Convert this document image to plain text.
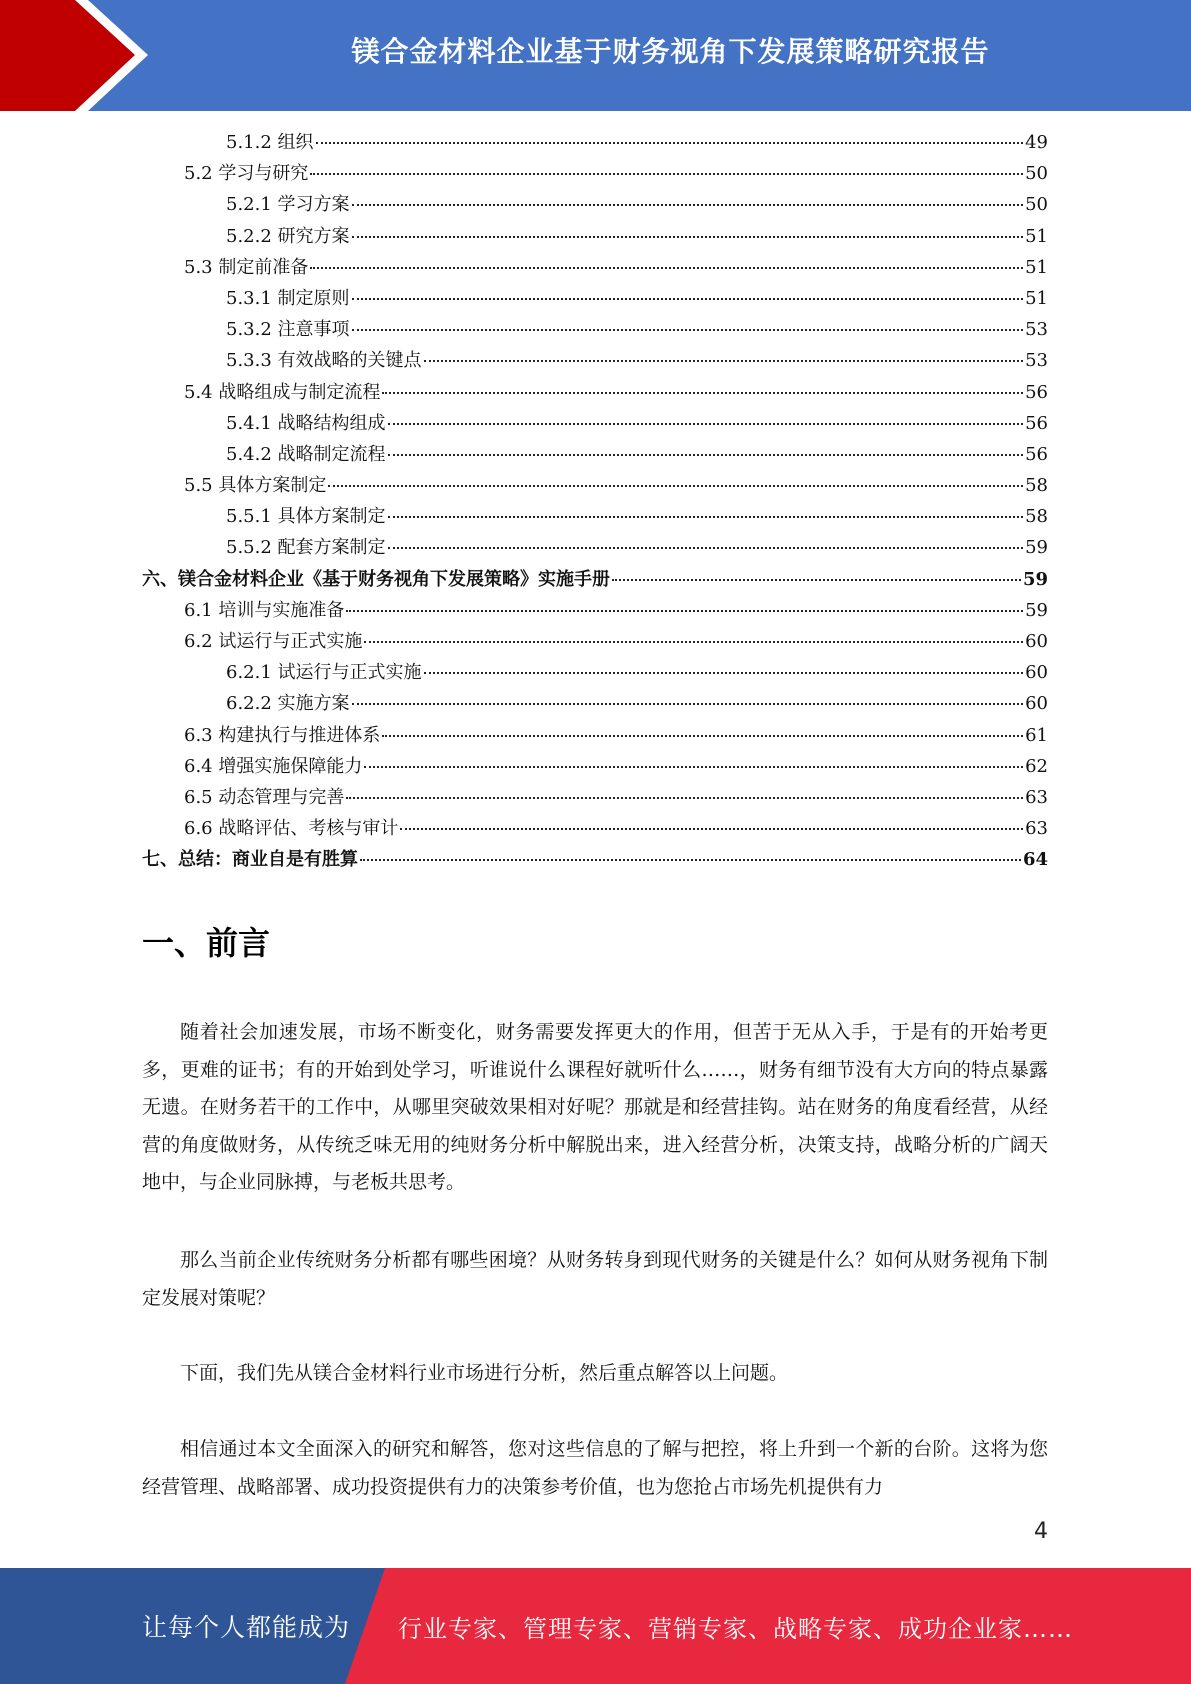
镁合金材料企业基于财务视角下发展策略研究报告
5.1.2 组织	49
5.2 学习与研究	50
5.2.1 学习方案	50
5.2.2 研究方案	51
5.3 制定前准备	51
5.3.1 制定原则	51
5.3.2 注意事项	53
5.3.3 有效战略的关键点	53
5.4 战略组成与制定流程	56
5.4.1 战略结构组成	56
5.4.2 战略制定流程	56
5.5 具体方案制定	58
5.5.1 具体方案制定	58
5.5.2 配套方案制定	59
六、镁合金材料企业《基于财务视角下发展策略》实施手册	59
6.1 培训与实施准备	59
6.2 试运行与正式实施	60
6.2.1 试运行与正式实施	60
6.2.2 实施方案	60
6.3 构建执行与推进体系	61
6.4 增强实施保障能力	62
6.5 动态管理与完善	63
6.6 战略评估、考核与审计	63
七、总结：商业自是有胜算	64
一、前言

随着社会加速发展，市场不断变化，财务需要发挥更大的作用，但苦于无从入手，于是有的开始考更多，更难的证书；有的开始到处学习，听谁说什么课程好就听什么……，财务有细节没有大方向的特点暴露无遗。在财务若干的工作中，从哪里突破效果相对好呢？那就是和经营挂钩。站在财务的角度看经营，从经营的角度做财务，从传统乏味无用的纯财务分析中解脱出来，进入经营分析，决策支持，战略分析的广阔天地中，与企业同脉搏，与老板共思考。

那么当前企业传统财务分析都有哪些困境？从财务转身到现代财务的关键是什么？如何从财务视角下制定发展对策呢？

下面，我们先从镁合金材料行业市场进行分析，然后重点解答以上问题。

相信通过本文全面深入的研究和解答，您对这些信息的了解与把控，将上升到一个新的台阶。这将为您经营管理、战略部署、成功投资提供有力的决策参考价值，也为您抢占市场先机提供有力

4
让每个人都能成为 行业专家、管理专家、营销专家、战略专家、成功企业家……
